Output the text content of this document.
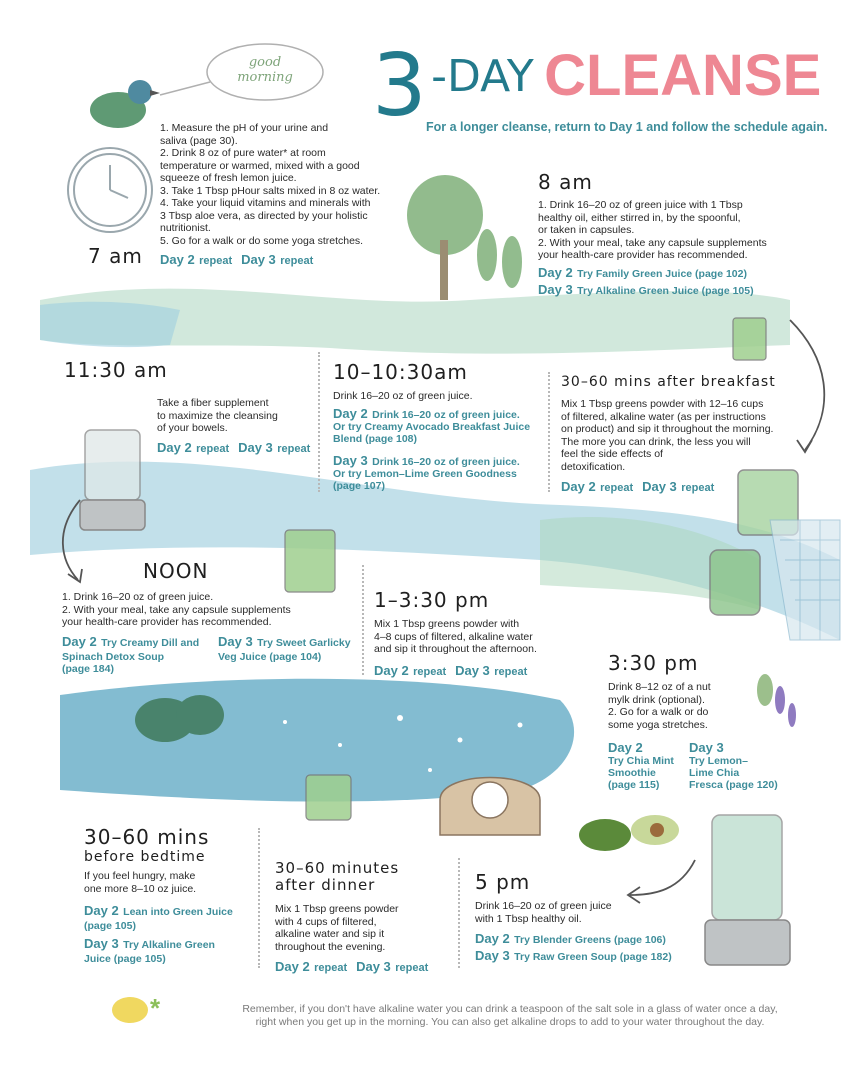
good
morning 3 -DAY CLEANSE
For a longer cleanse, return to Day 1 and follow the schedule again.
7 am
1. Measure the pH of your urine and
saliva (page 30).
2. Drink 8 oz of pure water* at room
temperature or warmed, mixed with a good
squeeze of fresh lemon juice.
3. Take 1 Tbsp pHour salts mixed in 8 oz water.
4. Take your liquid vitamins and minerals with
3 Tbsp aloe vera, as directed by your holistic
nutritionist.
5. Go for a walk or do some yoga stretches.
Day 2 repeat Day 3 repeat
8 am
1. Drink 16–20 oz of green juice with 1 Tbsp
healthy oil, either stirred in, by the spoonful,
or taken in capsules.
2. With your meal, take any capsule supplements
your health-care provider has recommended.
Day 2 Try Family Green Juice (page 102)
Day 3 Try Alkaline Green Juice (page 105)
11:30 am
Take a fiber supplement
to maximize the cleansing
of your bowels.
Day 2 repeat Day 3 repeat
10–10:30am
Drink 16–20 oz of green juice.
Day 2 Drink 16–20 oz of green juice.
Or try Creamy Avocado Breakfast Juice
Blend (page 108)
Day 3 Drink 16–20 oz of green juice.
Or try Lemon–Lime Green Goodness
(page 107)
30–60 mins after breakfast
Mix 1 Tbsp greens powder with 12–16 cups
of filtered, alkaline water (as per instructions
on product) and sip it throughout the morning.
The more you can drink, the less you will
feel the side effects of
detoxification.
Day 2 repeat Day 3 repeat
NOON
1. Drink 16–20 oz of green juice.
2. With your meal, take any capsule supplements
your health-care provider has recommended.
Day 2 Try Creamy Dill and
Spinach Detox Soup
(page 184)
Day 3 Try Sweet Garlicky
Veg Juice (page 104)
1–3:30 pm
Mix 1 Tbsp greens powder with
4–8 cups of filtered, alkaline water
and sip it throughout the afternoon.
Day 2 repeat Day 3 repeat	3:30 pm
Drink 8–12 oz of a nut
mylk drink (optional).
2. Go for a walk or do
some yoga stretches.
Day 2
Try Chia Mint
Smoothie
(page 115)
Day 3
Try Lemon–
Lime Chia
Fresca (page 120)
30–60 mins
before bedtime
If you feel hungry, make
one more 8–10 oz juice.
Day 2 Lean into Green Juice
(page 105)
Day 3 Try Alkaline Green
Juice (page 105)
30–60 minutes
after dinner
Mix 1 Tbsp greens powder
with 4 cups of filtered,
alkaline water and sip it
throughout the evening.
Day 2 repeat Day 3 repeat
5 pm
Drink 16–20 oz of green juice
with 1 Tbsp healthy oil.
Day 2 Try Blender Greens (page 106)
Day 3 Try Raw Green Soup (page 182)
*	Remember, if you don't have alkaline water you can drink a teaspoon of the salt sole in a glass of water once a day,
right when you get up in the morning. You can also get alkaline drops to add to your water throughout the day.
